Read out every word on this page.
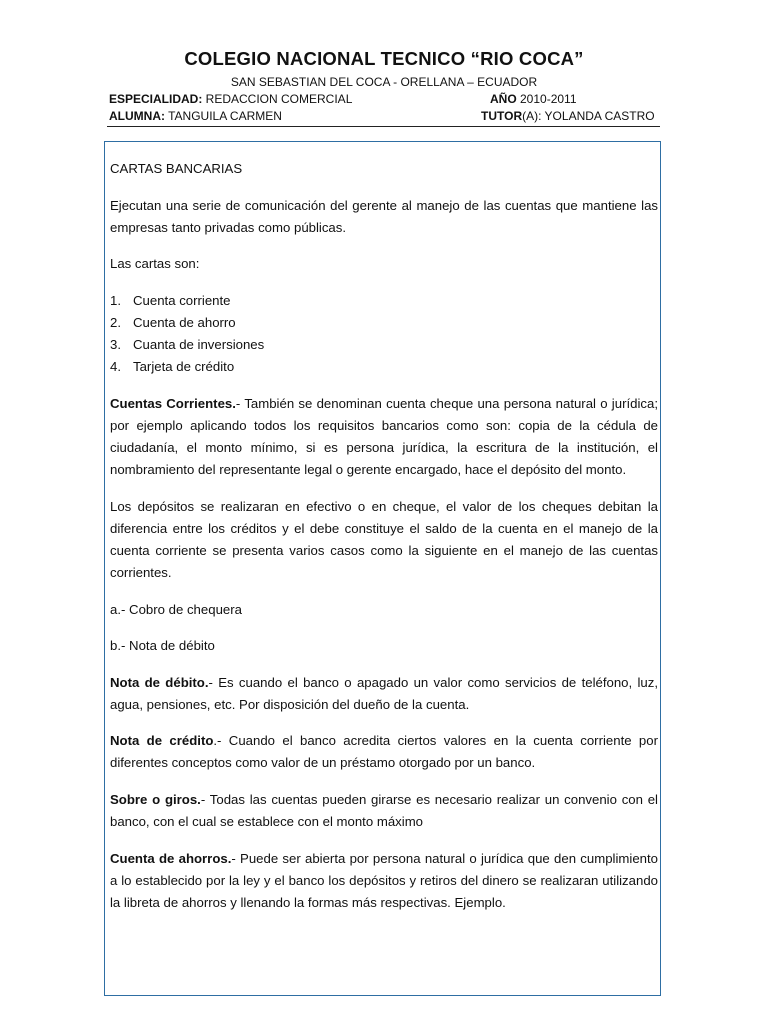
COLEGIO NACIONAL TECNICO “RIO COCA”
SAN SEBASTIAN DEL COCA - ORELLANA – ECUADOR
ESPECIALIDAD: REDACCION COMERCIAL	AÑO 2010-2011
ALUMNA: TANGUILA CARMEN	TUTOR(A): YOLANDA CASTRO

CARTAS BANCARIAS

Ejecutan una serie de comunicación del gerente al manejo de las cuentas que mantiene las empresas tanto privadas como públicas.

Las cartas son:

1. Cuenta corriente
2. Cuenta de ahorro
3. Cuanta de inversiones
4. Tarjeta de crédito

Cuentas Corrientes.- También se denominan cuenta cheque una persona natural o jurídica; por ejemplo aplicando todos los requisitos bancarios como son: copia de la cédula de ciudadanía, el monto mínimo, si es persona jurídica, la escritura de la institución, el nombramiento del representante legal o gerente encargado, hace el depósito del monto.

Los depósitos se realizaran en efectivo o en cheque, el valor de los cheques debitan la diferencia entre los créditos y el debe constituye el saldo de la cuenta en el manejo de la cuenta corriente se presenta varios casos como la siguiente en el manejo de las cuentas corrientes.

a.- Cobro de chequera

b.- Nota de débito

Nota de débito.- Es cuando el banco o apagado un valor como servicios de teléfono, luz, agua, pensiones, etc. Por disposición del dueño de la cuenta.

Nota de crédito.- Cuando el banco acredita ciertos valores en la cuenta corriente por diferentes conceptos como valor de un préstamo otorgado por un banco.

Sobre o giros.- Todas las cuentas pueden girarse es necesario realizar un convenio con el banco, con el cual se establece con el monto máximo

Cuenta de ahorros.- Puede ser abierta por persona natural o jurídica que den cumplimiento a lo establecido por la ley y el banco los depósitos y retiros del dinero se realizaran utilizando la libreta de ahorros y llenando la formas más respectivas. Ejemplo.
